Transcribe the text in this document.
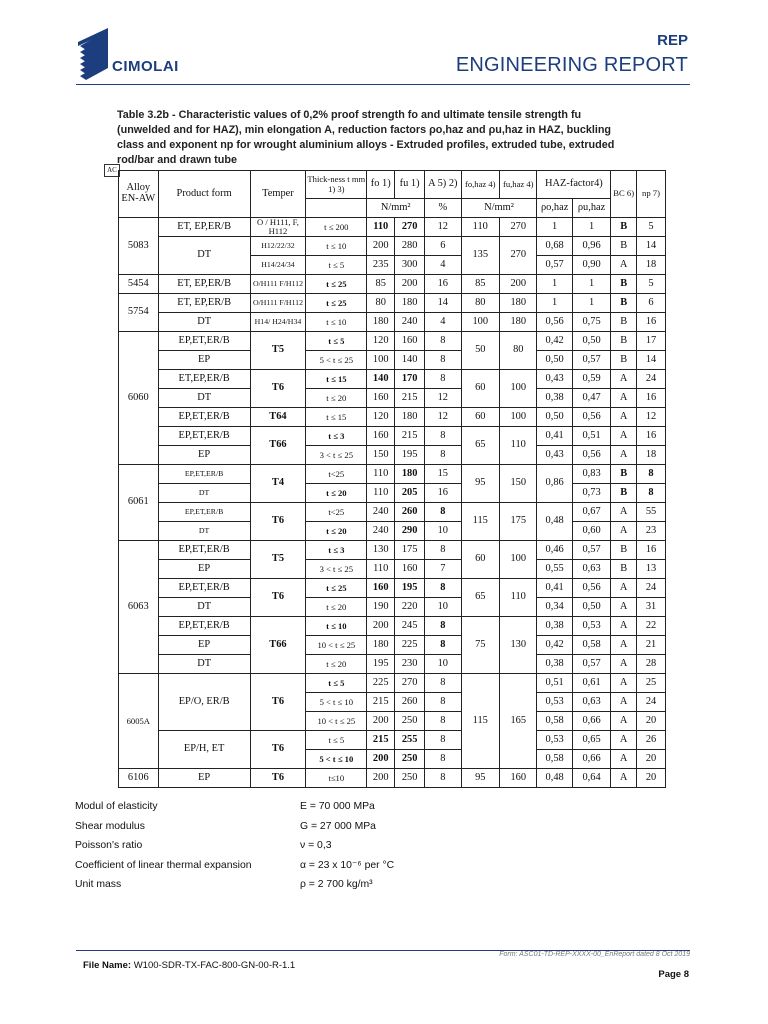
CIMOLAI
REP
ENGINEERING REPORT
Table 3.2b - Characteristic values of 0,2% proof strength fo and ultimate tensile strength fu (unwelded and for HAZ), min elongation A, reduction factors ρo,haz and ρu,haz in HAZ, buckling class and exponent np for wrought aluminium alloys - Extruded profiles, extruded tube, extruded rod/bar and drawn tube
AC
Alloy EN-AW	Product form	Temper	Thick-ness t mm 1) 3)	fo 1)	fu 1)	A 5) 2)	fo,haz 4)	fu,haz 4)	HAZ-factor4)		BC 6)	np 7)
				N/mm²		%	N/mm²		ρo,haz	ρu,haz		
5083	ET, EP,ER/B	O / H111, F, H112	t ≤ 200	110	270	12	110	270	1	1	B	5
	DT	H12/22/32	t ≤ 10	200	280	6	135	270	0,68	0,96	B	14
		H14/24/34	t ≤ 5	235	300	4			0,57	0,90	A	18
5454	ET, EP,ER/B	O/H111 F/H112	t ≤ 25	85	200	16	85	200	1	1	B	5
5754	ET, EP,ER/B	O/H111 F/H112	t ≤ 25	80	180	14	80	180	1	1	B	6
	DT	H14/ H24/H34	t ≤ 10	180	240	4	100	180	0,56	0,75	B	16
6060	EP,ET,ER/B	T5	t ≤ 5	120	160	8	50	80	0,42	0,50	B	17
	EP		5 < t ≤ 25	100	140	8			0,50	0,57	B	14
	ET,EP,ER/B	T6	t ≤ 15	140	170	8	60	100	0,43	0,59	A	24
	DT		t ≤ 20	160	215	12			0,38	0,47	A	16
	EP,ET,ER/B	T64	t ≤ 15	120	180	12	60	100	0,50	0,56	A	12
	EP,ET,ER/B	T66	t ≤ 3	160	215	8	65	110	0,41	0,51	A	16
	EP		3 < t ≤ 25	150	195	8			0,43	0,56	A	18
6061	EP,ET,ER/B	T4	t<25	110	180	15	95	150	0,86	0,83	B	8
	DT		t ≤ 20	110	205	16				0,73	B	8
	EP,ET,ER/B	T6	t<25	240	260	8	115	175	0,48	0,67	A	55
	DT		t ≤ 20	240	290	10				0,60	A	23
6063	EP,ET,ER/B	T5	t ≤ 3	130	175	8	60	100	0,46	0,57	B	16
	EP		3 < t ≤ 25	110	160	7			0,55	0,63	B	13
	EP,ET,ER/B	T6	t ≤ 25	160	195	8	65	110	0,41	0,56	A	24
	DT		t ≤ 20	190	220	10			0,34	0,50	A	31
	EP,ET,ER/B	T66	t ≤ 10	200	245	8	75	130	0,38	0,53	A	22
	EP		10 < t ≤ 25	180	225	8			0,42	0,58	A	21
	DT		t ≤ 20	195	230	10			0,38	0,57	A	28
6005A	EP/O, ER/B	T6	t ≤ 5	225	270	8	115	165	0,51	0,61	A	25
			5 < t ≤ 10	215	260	8			0,53	0,63	A	24
			10 < t ≤ 25	200	250	8			0,58	0,66	A	20
	EP/H, ET	T6	t ≤ 5	215	255	8			0,53	0,65	A	26
			5 < t ≤ 10	200	250	8			0,58	0,66	A	20
6106	EP	T6	t≤10	200	250	8	95	160	0,48	0,64	A	20
Modul of elasticity	E = 70 000 MPa
Shear modulus	G = 27 000 MPa
Poisson's ratio	ν = 0,3
Coefficient of linear thermal expansion	α = 23 x 10⁻⁶ per °C
Unit mass	ρ = 2 700 kg/m³
Form: ASC01-TD-REP-XXXX-00_EnReport dated 8 Oct 2019
File Name: W100-SDR-TX-FAC-800-GN-00-R-1.1
Page 8
